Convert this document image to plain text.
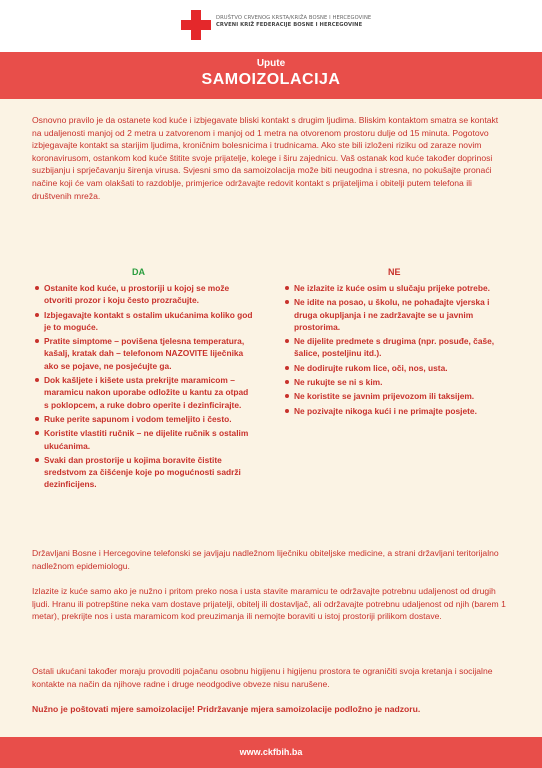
DRUŠTVO CRVENOG KRSTA/KRIŽA BOSNE I HERCEGOVINE
CRVENI KRIŽ FEDERACIJE BOSNE I HERCEGOVINE
Upute
SAMOIZOLACIJA
Osnovno pravilo je da ostanete kod kuće i izbjegavate bliski kontakt s drugim ljudima. Bliskim kontaktom smatra se kontakt na udaljenosti manjoj od 2 metra u zatvorenom i manjoj od 1 metra na otvorenom prostoru dulje od 15 minuta. Pogotovo izbjegavajte kontakt sa starijim ljudima, kroničnim bolesnicima i trudnicama. Ako ste bili izloženi riziku od zaraze novim koronavirusom, ostankom kod kuće štitite svoje prijatelje, kolege i širu zajednicu. Vaš ostanak kod kuće također doprinosi suzbijanju i sprječavanju širenja virusa. Svjesni smo da samoizolacija može biti neugodna i stresna, no pokušajte pronaći načine koji će vam olakšati to razdoblje, primjerice održavajte redovit kontakt s prijateljima i obitelji putem telefona ili društvenih mreža.
DA	NE
Ostanite kod kuće, u prostoriji u kojoj se može otvoriti prozor i koju često prozračujte.
Izbjegavajte kontakt s ostalim ukućanima koliko god je to moguće.
Pratite simptome – povišena tjelesna temperatura, kašalj, kratak dah – telefonom NAZOVITE liječnika ako se pojave, ne posjećujte ga.
Dok kašljete i kišete usta prekrijte maramicom – maramicu nakon uporabe odložite u kantu za otpad s poklopcem, a ruke dobro operite i dezinficirajte.
Ruke perite sapunom i vodom temeljito i često.
Koristite vlastiti ručnik – ne dijelite ručnik s ostalim ukućanima.
Svaki dan prostorije u kojima boravite čistite sredstvom za čišćenje koje po mogućnosti sadrži dezinficijens.
Ne izlazite iz kuće osim u slučaju prijeke potrebe.
Ne idite na posao, u školu, ne pohađajte vjerska i druga okupljanja i ne zadržavajte se u javnim prostorima.
Ne dijelite predmete s drugima (npr. posuđe, čaše, šalice, posteljinu itd.).
Ne dodirujte rukom lice, oči, nos, usta.
Ne rukujte se ni s kim.
Ne koristite se javnim prijevozom ili taksijem.
Ne pozivajte nikoga kući i ne primajte posjete.
Državljani Bosne i Hercegovine telefonski se javljaju nadležnom liječniku obiteljske medicine, a strani državljani teritorijalno nadležnom epidemiologu.
Izlazite iz kuće samo ako je nužno i pritom preko nosa i usta stavite maramicu te održavajte potrebnu udaljenost od drugih ljudi. Hranu ili potrepštine neka vam dostave prijatelji, obitelj ili dostavljač, ali održavajte potrebnu udaljenost od njih (barem 1 metar), prekrijte nos i usta maramicom kod preuzimanja ili nemojte boraviti u istoj prostoriji prilikom dostave.
Ostali ukućani također moraju provoditi pojačanu osobnu higijenu i higijenu prostora te ograničiti svoja kretanja i socijalne kontakte na način da njihove radne i druge neodgodive obveze nisu narušene.
Nužno je poštovati mjere samoizolacije! Pridržavanje mjera samoizolacije podložno je nadzoru.
www.ckfbih.ba
